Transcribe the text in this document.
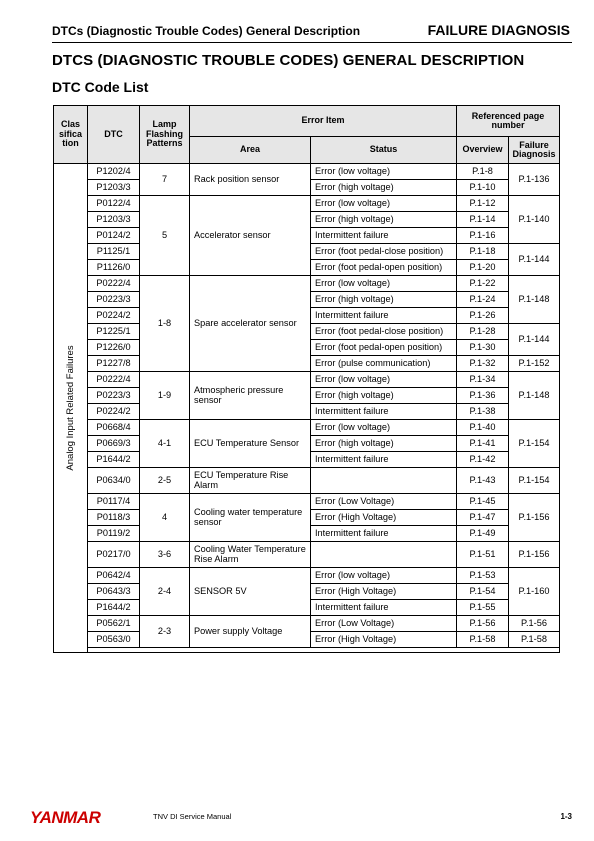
DTCs (Diagnostic Trouble Codes) General Description	FAILURE DIAGNOSIS
DTCS (DIAGNOSTIC TROUBLE CODES) GENERAL DESCRIPTION
DTC Code List
Clas sifica tion	DTC	Lamp Flashing Patterns	Error Item		Referenced page number	
			Area	Status	Overview	Failure Diagnosis

Analog Input Related Failures	P1202/4	7	Rack position sensor	Error (low voltage)	P.1-8	P.1-136
	P1203/3			Error (high voltage)	P.1-10	
	P0122/4	5	Accelerator sensor	Error (low voltage)	P.1-12	P.1-140
	P1203/3			Error (high voltage)	P.1-14	
	P0124/2			Intermittent failure	P.1-16	
	P1125/1			Error (foot pedal-close position)	P.1-18	P.1-144
	P1126/0			Error (foot pedal-open position)	P.1-20	
	P0222/4	1-8	Spare accelerator sensor	Error (low voltage)	P.1-22	P.1-148
	P0223/3			Error (high voltage)	P.1-24	
	P0224/2			Intermittent failure	P.1-26	
	P1225/1			Error (foot pedal-close position)	P.1-28	P.1-144
	P1226/0			Error (foot pedal-open position)	P.1-30	
	P1227/8			Error (pulse communication)	P.1-32	P.1-152
	P0222/4	1-9	Atmospheric pressure sensor	Error (low voltage)	P.1-34	P.1-148
	P0223/3			Error (high voltage)	P.1-36	
	P0224/2			Intermittent failure	P.1-38	
	P0668/4	4-1	ECU Temperature Sensor	Error (low voltage)	P.1-40	P.1-154
	P0669/3			Error (high voltage)	P.1-41	
	P1644/2			Intermittent failure	P.1-42	
	P0634/0	2-5	ECU Temperature Rise Alarm		P.1-43	P.1-154
	P0117/4	4	Cooling water temperature sensor	Error (Low Voltage)	P.1-45	P.1-156
	P0118/3			Error (High Voltage)	P.1-47	
	P0119/2			Intermittent failure	P.1-49	
	P0217/0	3-6	Cooling Water Temperature Rise Alarm		P.1-51	P.1-156
	P0642/4	2-4	SENSOR 5V	Error (low voltage)	P.1-53	P.1-160
	P0643/3			Error (High Voltage)	P.1-54	
	P1644/2			Intermittent failure	P.1-55	
	P0562/1	2-3	Power supply Voltage	Error (Low Voltage)	P.1-56	P.1-56
	P0563/0			Error (High Voltage)	P.1-58	P.1-58

YANMAR	TNV DI Service Manual	1-3
